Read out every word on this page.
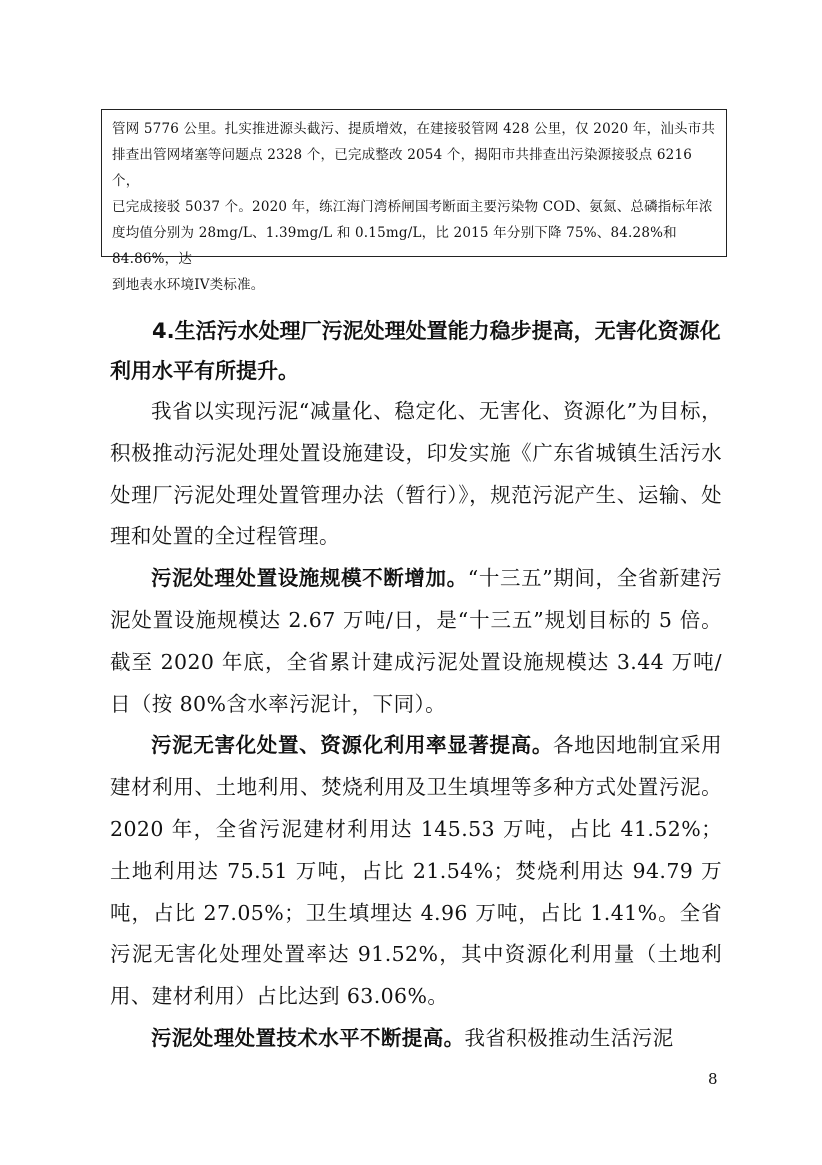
管网 5776 公里。扎实推进源头截污、提质增效，在建接驳管网 428 公里，仅 2020 年，汕头市共

排查出管网堵塞等问题点 2328 个，已完成整改 2054 个，揭阳市共排查出污染源接驳点 6216 个，

已完成接驳 5037 个。2020 年，练江海门湾桥闸国考断面主要污染物 COD、氨氮、总磷指标年浓

度均值分别为 28mg/L、1.39mg/L 和 0.15mg/L，比 2015 年分别下降 75%、84.28%和 84.86%，达

到地表水环境IV类标准。

4.生活污水处理厂污泥处理处置能力稳步提高，无害化资源化利用水平有所提升。

我省以实现污泥“减量化、稳定化、无害化、资源化”为目标，积极推动污泥处理处置设施建设，印发实施《广东省城镇生活污水处理厂污泥处理处置管理办法（暂行）》，规范污泥产生、运输、处理和处置的全过程管理。

污泥处理处置设施规模不断增加。“十三五”期间，全省新建污泥处置设施规模达 2.67 万吨/日，是“十三五”规划目标的 5 倍。截至 2020 年底，全省累计建成污泥处置设施规模达 3.44 万吨/日（按 80%含水率污泥计，下同）。

污泥无害化处置、资源化利用率显著提高。各地因地制宜采用建材利用、土地利用、焚烧利用及卫生填埋等多种方式处置污泥。2020 年，全省污泥建材利用达 145.53 万吨，占比 41.52%；土地利用达 75.51 万吨，占比 21.54%；焚烧利用达 94.79 万吨，占比 27.05%；卫生填埋达 4.96 万吨，占比 1.41%。全省污泥无害化处理处置率达 91.52%，其中资源化利用量（土地利用、建材利用）占比达到 63.06%。

污泥处理处置技术水平不断提高。我省积极推动生活污泥

8
